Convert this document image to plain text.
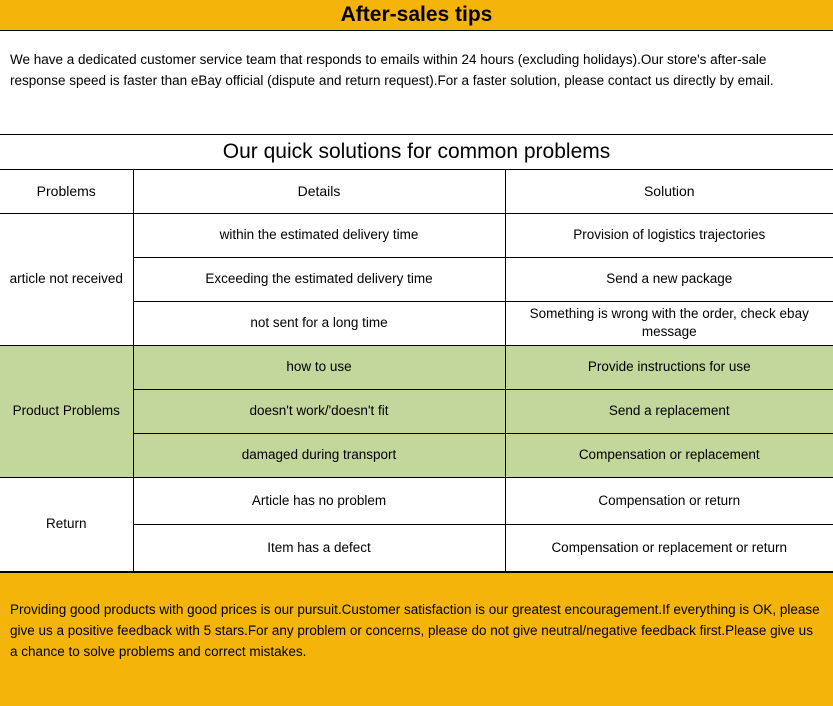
After-sales tips
We have a dedicated customer service team that responds to emails within 24 hours (excluding holidays).Our store's after-sale response speed is faster than eBay official (dispute and return request).For a faster solution, please contact us directly by email.
Our quick solutions for common problems
Problems	Details	Solution
article not received	within the estimated delivery time	Provision of logistics trajectories
	Exceeding the estimated delivery time	Send a new package
	not sent for a long time	Something is wrong with the order, check ebay message
Product Problems	how to use	Provide instructions for use
	doesn't work/'doesn't fit	Send a replacement
	damaged during transport	Compensation or replacement
Return	Article has no problem	Compensation or return
	Item has a defect	Compensation or replacement or return
Providing good products with good prices is our pursuit.Customer satisfaction is our greatest encouragement.If everything is OK, please give us a positive feedback with 5 stars.For any problem or concerns, please do not give neutral/negative feedback first.Please give us a chance to solve problems and correct mistakes.
